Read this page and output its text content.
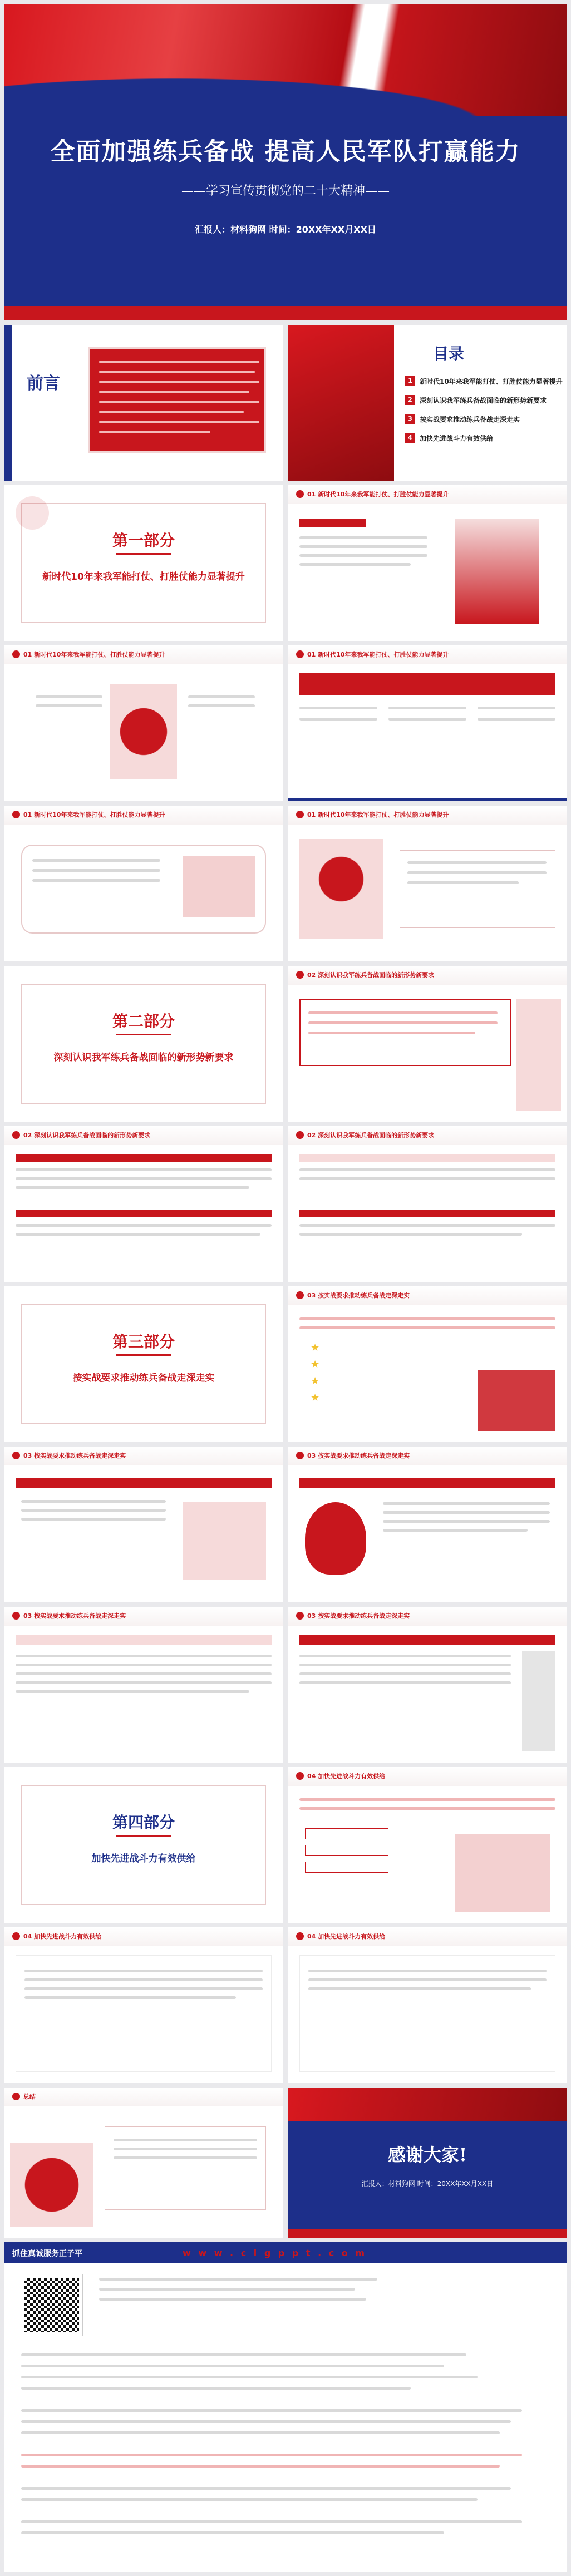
全面加强练兵备战 提高人民军队打赢能力
——学习宣传贯彻党的二十大精神——
汇报人：材料狗网 时间：20XX年XX月XX日
前言
目录
1	新时代10年来我军能打仗、打胜仗能力显著提升
2	深刻认识我军练兵备战面临的新形势新要求
3	按实战要求推动练兵备战走深走实
4	加快先进战斗力有效供给
第一部分
新时代10年来我军能打仗、打胜仗能力显著提升
01 新时代10年来我军能打仗、打胜仗能力显著提升
01 新时代10年来我军能打仗、打胜仗能力显著提升	01 新时代10年来我军能打仗、打胜仗能力显著提升
01 新时代10年来我军能打仗、打胜仗能力显著提升	01 新时代10年来我军能打仗、打胜仗能力显著提升
第二部分
深刻认识我军练兵备战面临的新形势新要求
02 深刻认识我军练兵备战面临的新形势新要求
02 深刻认识我军练兵备战面临的新形势新要求	02 深刻认识我军练兵备战面临的新形势新要求
第三部分
按实战要求推动练兵备战走深走实
03 按实战要求推动练兵备战走深走实
★
★
★
★
03 按实战要求推动练兵备战走深走实	03 按实战要求推动练兵备战走深走实
03 按实战要求推动练兵备战走深走实	03 按实战要求推动练兵备战走深走实
第四部分
加快先进战斗力有效供给
04 加快先进战斗力有效供给
04 加快先进战斗力有效供给	04 加快先进战斗力有效供给
总结
感谢大家!
汇报人：材料狗网 时间：20XX年XX月XX日
抓住真诚服务正子平	w w w . c l g p p t . c o m
